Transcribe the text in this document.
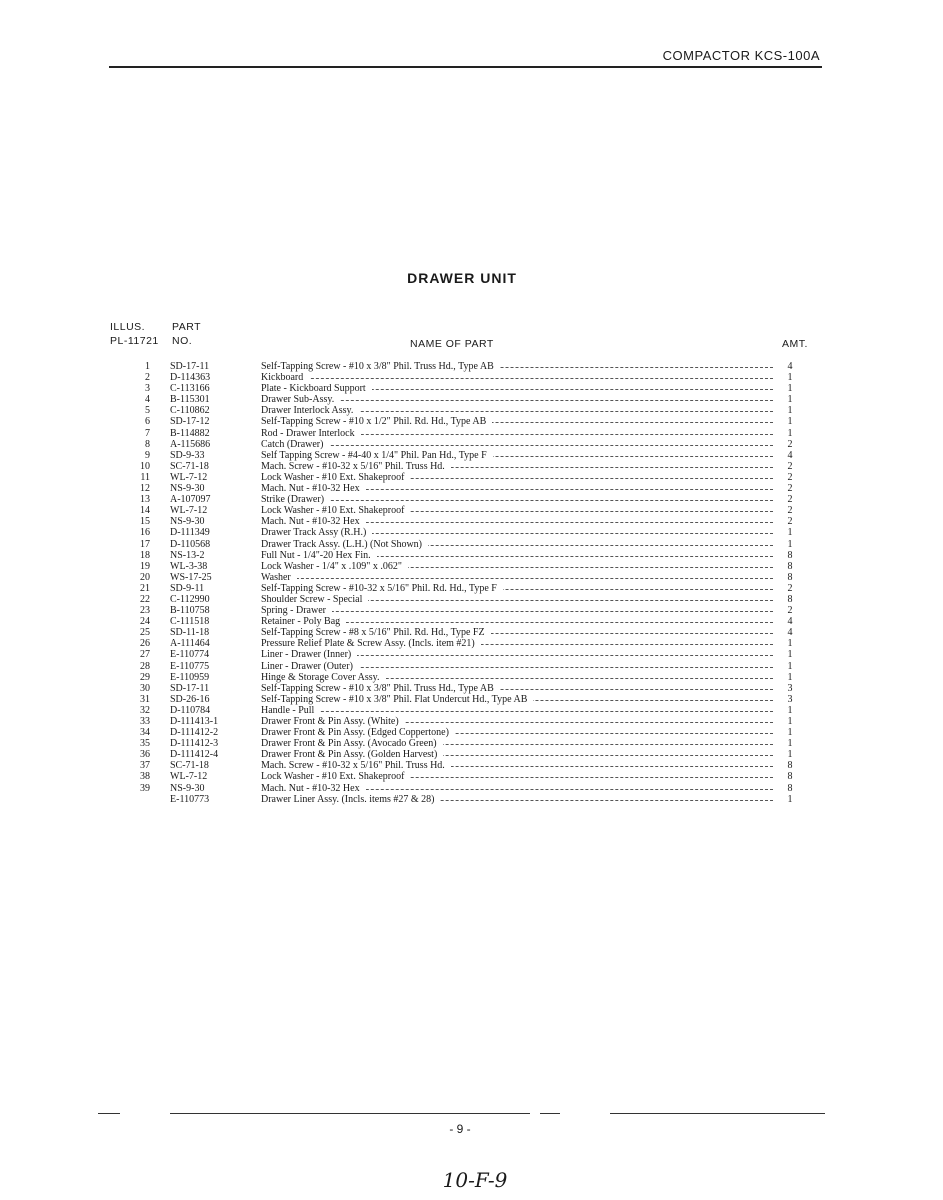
COMPACTOR KCS-100A
DRAWER UNIT
ILLUS.
PL-11721
PART
NO.	NAME OF PART	AMT.
1 SD-17-11	Self-Tapping Screw - #10 x 3/8" Phil. Truss Hd., Type AB	4
2 D-114363	Kickboard	1
3 C-113166	Plate - Kickboard Support	1
4 B-115301	Drawer Sub-Assy.	1
5 C-110862	Drawer Interlock Assy.	1
6 SD-17-12	Self-Tapping Screw - #10 x 1/2" Phil. Rd. Hd., Type AB	1
7 B-114882	Rod - Drawer Interlock	1
8 A-115686	Catch (Drawer)	2
9 SD-9-33	Self Tapping Screw - #4-40 x 1/4" Phil. Pan Hd., Type F	4
10 SC-71-18	Mach. Screw - #10-32 x 5/16" Phil. Truss Hd.	2
11 WL-7-12	Lock Washer - #10 Ext. Shakeproof	2
12 NS-9-30	Mach. Nut - #10-32 Hex	2
13 A-107097	Strike (Drawer)	2
14 WL-7-12	Lock Washer - #10 Ext. Shakeproof	2
15 NS-9-30	Mach. Nut - #10-32 Hex	2
16 D-111349	Drawer Track Assy (R.H.)	1
17 D-110568	Drawer Track Assy. (L.H.) (Not Shown)	1
18 NS-13-2	Full Nut - 1/4"-20 Hex Fin.	8
19 WL-3-38	Lock Washer - 1/4" x .109" x .062"	8
20 WS-17-25	Washer	8
21 SD-9-11	Self-Tapping Screw - #10-32 x 5/16" Phil. Rd. Hd., Type F	2
22 C-112990	Shoulder Screw - Special	8
23 B-110758	Spring - Drawer	2
24 C-111518	Retainer - Poly Bag	4
25 SD-11-18	Self-Tapping Screw - #8 x 5/16" Phil. Rd. Hd., Type FZ	4
26 A-111464	Pressure Relief Plate & Screw Assy. (Incls. item #21)	1
27 E-110774	Liner - Drawer (Inner)	1
28 E-110775	Liner - Drawer (Outer)	1
29 E-110959	Hinge & Storage Cover Assy.	1
30 SD-17-11	Self-Tapping Screw - #10 x 3/8" Phil. Truss Hd., Type AB	3
31 SD-26-16	Self-Tapping Screw - #10 x 3/8" Phil. Flat Undercut Hd., Type AB	3
32 D-110784	Handle - Pull	1
33 D-111413-1	Drawer Front & Pin Assy. (White)	1
34 D-111412-2	Drawer Front & Pin Assy. (Edged Coppertone)	1
35 D-111412-3	Drawer Front & Pin Assy. (Avocado Green)	1
36 D-111412-4	Drawer Front & Pin Assy. (Golden Harvest)	1
37 SC-71-18	Mach. Screw - #10-32 x 5/16" Phil. Truss Hd.	8
38 WL-7-12	Lock Washer - #10 Ext. Shakeproof	8
39 NS-9-30	Mach. Nut - #10-32 Hex	8
E-110773	Drawer Liner Assy. (Incls. items #27 & 28)	1
- 9 -
10-F-9
